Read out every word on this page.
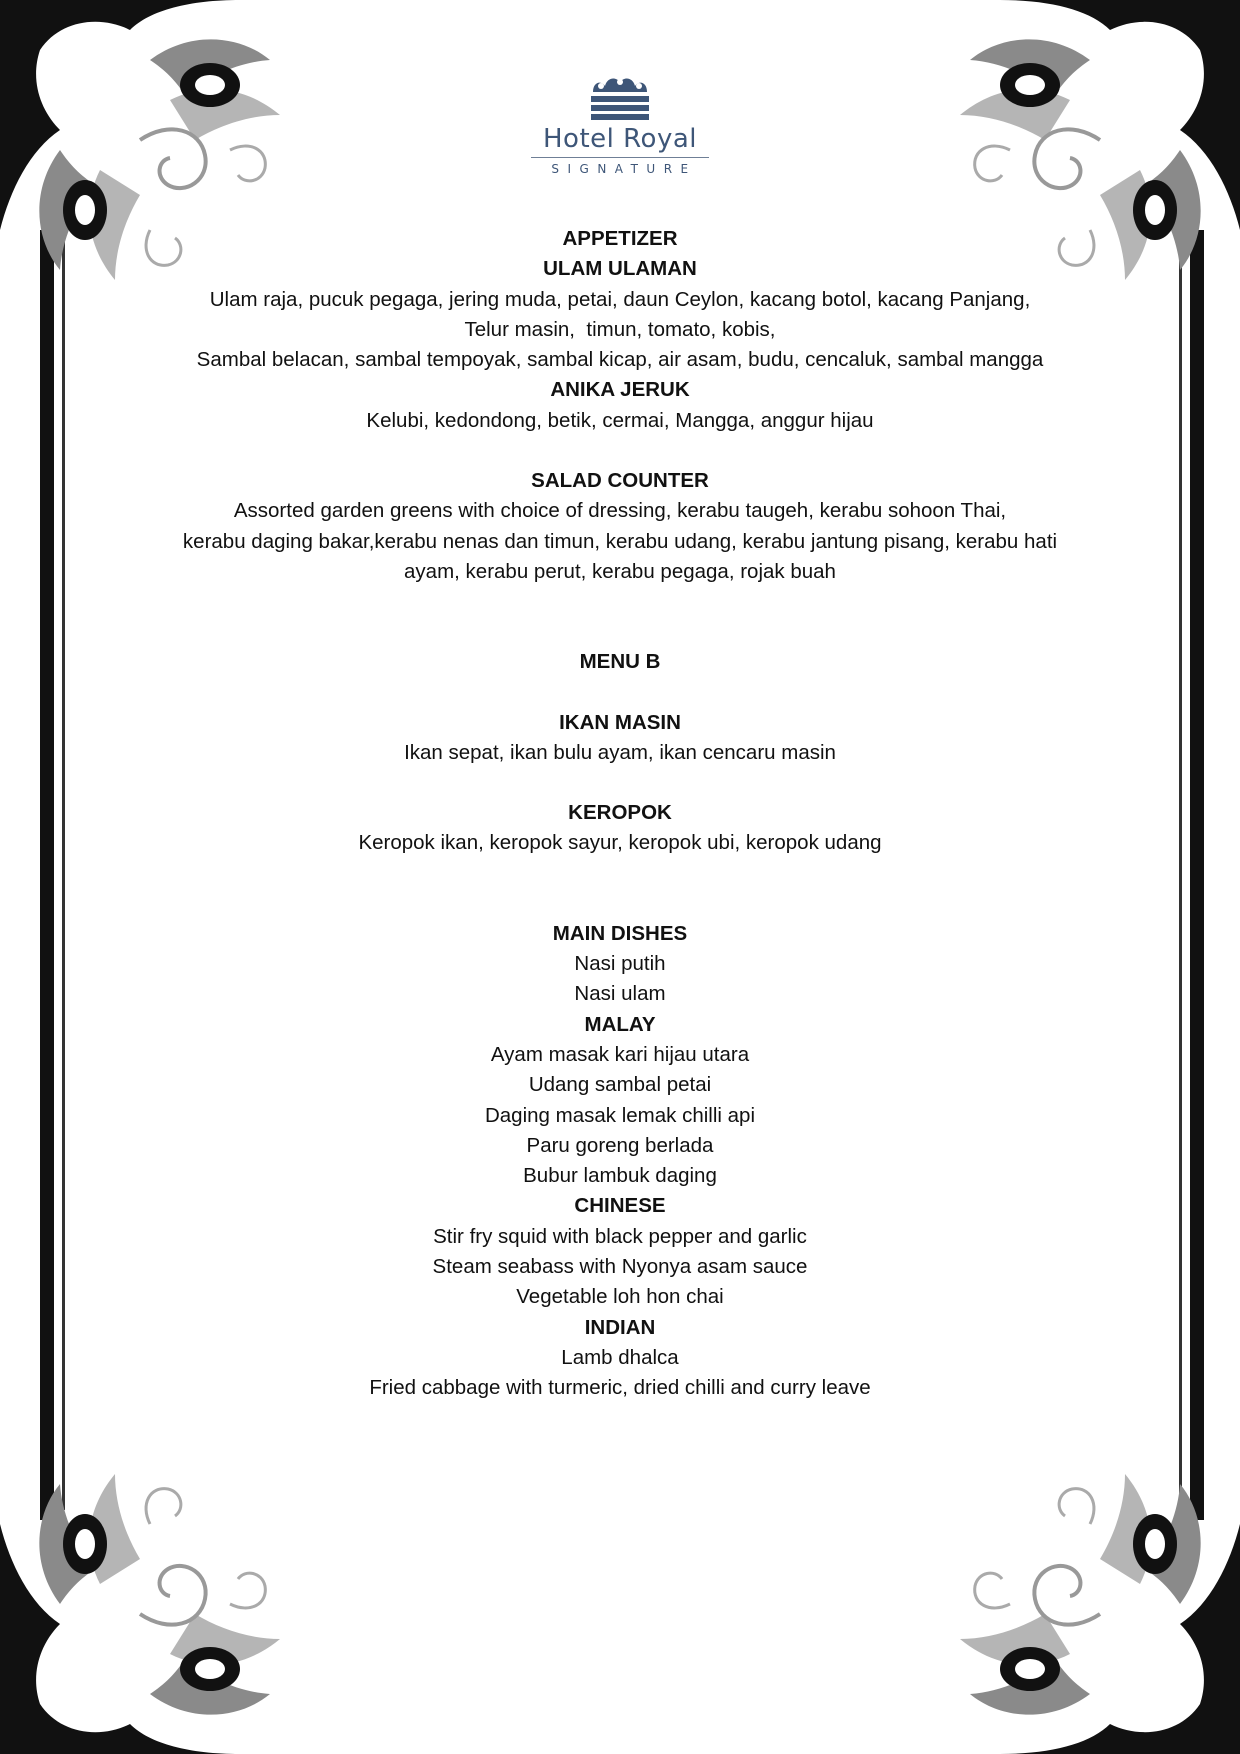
Hotel Royal
SIGNATURE
APPETIZER
ULAM ULAMAN
Ulam raja, pucuk pegaga, jering muda, petai, daun Ceylon, kacang botol, kacang Panjang,
Telur masin,  timun, tomato, kobis,
Sambal belacan, sambal tempoyak, sambal kicap, air asam, budu, cencaluk, sambal mangga
ANIKA JERUK
Kelubi, kedondong, betik, cermai, Mangga, anggur hijau
SALAD COUNTER
Assorted garden greens with choice of dressing, kerabu taugeh, kerabu sohoon Thai,
kerabu daging bakar,kerabu nenas dan timun, kerabu udang, kerabu jantung pisang, kerabu hati
ayam, kerabu perut, kerabu pegaga, rojak buah
MENU B
IKAN MASIN
Ikan sepat, ikan bulu ayam, ikan cencaru masin
KEROPOK
Keropok ikan, keropok sayur, keropok ubi, keropok udang
MAIN DISHES
Nasi putih
Nasi ulam
MALAY
Ayam masak kari hijau utara
Udang sambal petai
Daging masak lemak chilli api
Paru goreng berlada
Bubur lambuk daging
CHINESE
Stir fry squid with black pepper and garlic
Steam seabass with Nyonya asam sauce
Vegetable loh hon chai
INDIAN
Lamb dhalca
Fried cabbage with turmeric, dried chilli and curry leave
